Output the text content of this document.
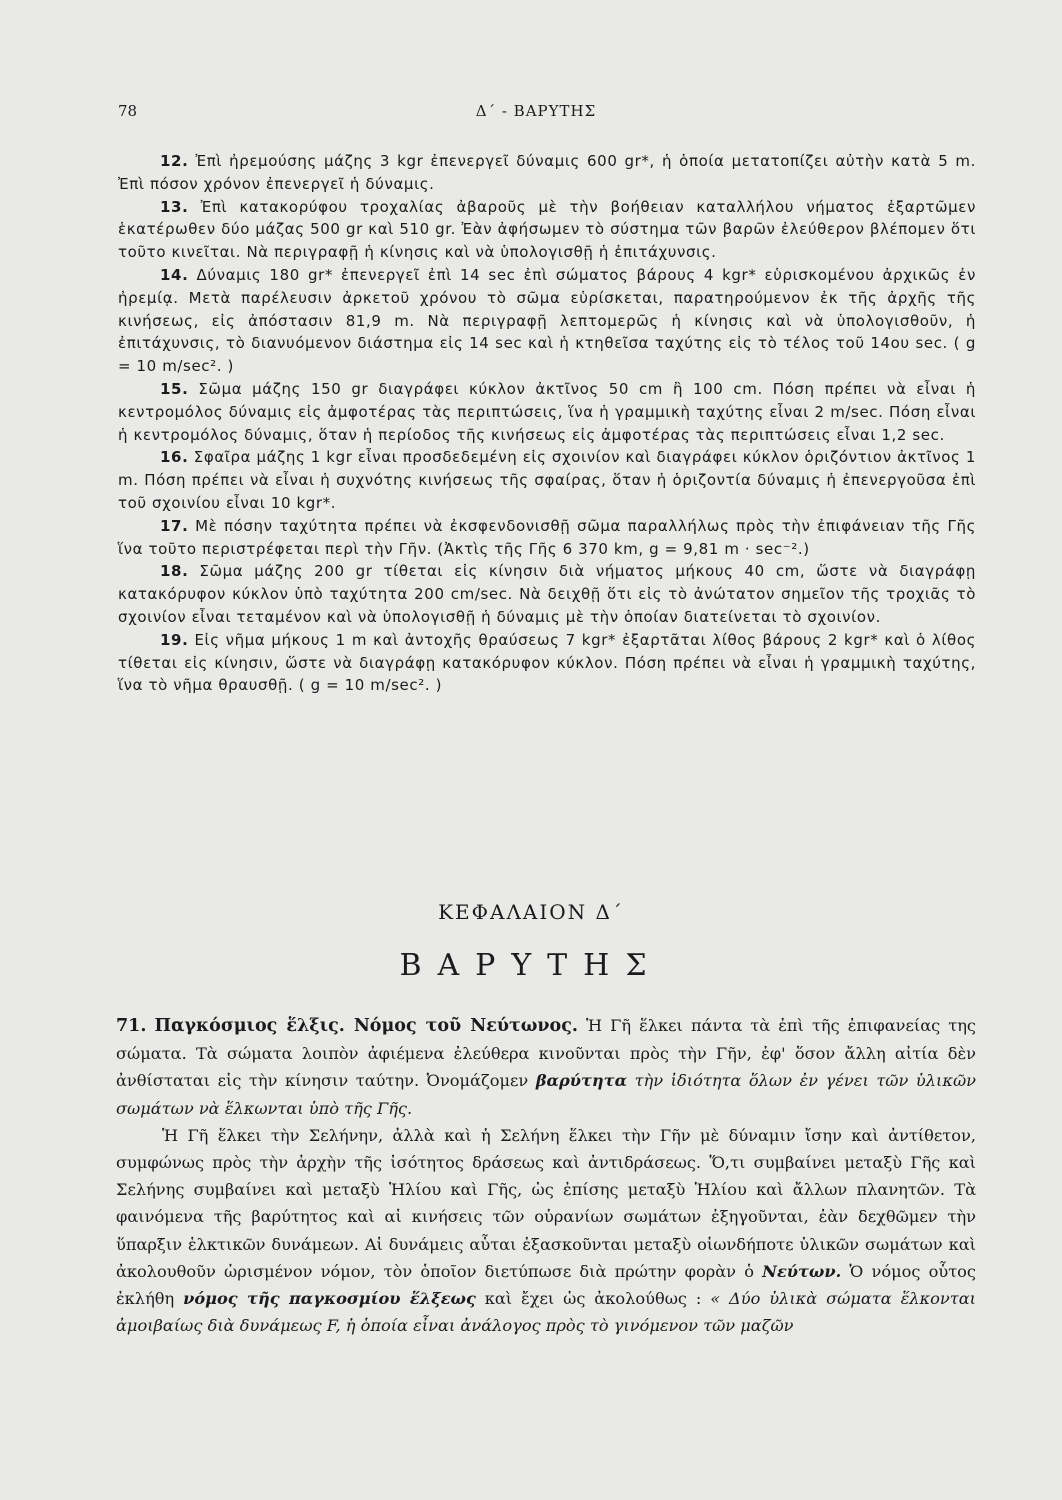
78	Δ΄ - ΒΑΡΥΤΗΣ

12. Ἐπὶ ἠρεμούσης μάζης 3 kgr ἐπενεργεῖ δύναμις 600 gr*, ἡ ὁποία μετατοπίζει αὐτὴν κατὰ 5 m. Ἐπὶ πόσον χρόνον ἐπενεργεῖ ἡ δύναμις.

13. Ἐπὶ κατακορύφου τροχαλίας ἀβαροῦς μὲ τὴν βοήθειαν καταλλήλου νήματος ἐξαρτῶμεν ἑκατέρωθεν δύο μάζας 500 gr καὶ 510 gr. Ἐὰν ἀφήσωμεν τὸ σύστημα τῶν βαρῶν ἐλεύθερον βλέπομεν ὅτι τοῦτο κινεῖται. Νὰ περιγραφῇ ἡ κίνησις καὶ νὰ ὑπολογισθῇ ἡ ἐπιτάχυνσις.

14. Δύναμις 180 gr* ἐπενεργεῖ ἐπὶ 14 sec ἐπὶ σώματος βάρους 4 kgr* εὑρισκομένου ἀρχικῶς ἐν ἠρεμίᾳ. Μετὰ παρέλευσιν ἀρκετοῦ χρόνου τὸ σῶμα εὑρίσκεται, παρατηρούμενον ἐκ τῆς ἀρχῆς τῆς κινήσεως, εἰς ἀπόστασιν 81,9 m. Νὰ περιγραφῇ λεπτομερῶς ἡ κίνησις καὶ νὰ ὑπολογισθοῦν, ἡ ἐπιτάχυνσις, τὸ διανυόμενον διάστημα εἰς 14 sec καὶ ἡ κτηθεῖσα ταχύτης εἰς τὸ τέλος τοῦ 14ου sec. ( g = 10 m/sec². )

15. Σῶμα μάζης 150 gr διαγράφει κύκλον ἀκτῖνος 50 cm ἢ 100 cm. Πόση πρέπει νὰ εἶναι ἡ κεντρομόλος δύναμις εἰς ἀμφοτέρας τὰς περιπτώσεις, ἵνα ἡ γραμμικὴ ταχύτης εἶναι 2 m/sec. Πόση εἶναι ἡ κεντρομόλος δύναμις, ὅταν ἡ περίοδος τῆς κινήσεως εἰς ἀμφοτέρας τὰς περιπτώσεις εἶναι 1,2 sec.

16. Σφαῖρα μάζης 1 kgr εἶναι προσδεδεμένη εἰς σχοινίον καὶ διαγράφει κύκλον ὁριζόντιον ἀκτῖνος 1 m. Πόση πρέπει νὰ εἶναι ἡ συχνότης κινήσεως τῆς σφαίρας, ὅταν ἡ ὁριζοντία δύναμις ἡ ἐπενεργοῦσα ἐπὶ τοῦ σχοινίου εἶναι 10 kgr*.

17. Μὲ πόσην ταχύτητα πρέπει νὰ ἐκσφενδονισθῇ σῶμα παραλλήλως πρὸς τὴν ἐπιφάνειαν τῆς Γῆς ἵνα τοῦτο περιστρέφεται περὶ τὴν Γῆν. (Ἀκτὶς τῆς Γῆς 6 370 km, g = 9,81 m · sec⁻².)

18. Σῶμα μάζης 200 gr τίθεται εἰς κίνησιν διὰ νήματος μήκους 40 cm, ὥστε νὰ διαγράφῃ κατακόρυφον κύκλον ὑπὸ ταχύτητα 200 cm/sec. Νὰ δειχθῇ ὅτι εἰς τὸ ἀνώτατον σημεῖον τῆς τροχιᾶς τὸ σχοινίον εἶναι τεταμένον καὶ νὰ ὑπολογισθῇ ἡ δύναμις μὲ τὴν ὁποίαν διατείνεται τὸ σχοινίον.

19. Εἰς νῆμα μήκους 1 m καὶ ἀντοχῆς θραύσεως 7 kgr* ἐξαρτᾶται λίθος βάρους 2 kgr* καὶ ὁ λίθος τίθεται εἰς κίνησιν, ὥστε νὰ διαγράφῃ κατακόρυφον κύκλον. Πόση πρέπει νὰ εἶναι ἡ γραμμικὴ ταχύτης, ἵνα τὸ νῆμα θραυσθῇ. ( g = 10 m/sec². )

ΚΕΦΑΛΑΙΟΝ Δ΄
ΒΑΡΥΤΗΣ

71. Παγκόσμιος ἕλξις. Νόμος τοῦ Νεύτωνος. Ἡ Γῆ ἕλκει πάντα τὰ ἐπὶ τῆς ἐπιφανείας της σώματα. Τὰ σώματα λοιπὸν ἀφιέμενα ἐλεύθερα κινοῦνται πρὸς τὴν Γῆν, ἐφ' ὅσον ἄλλη αἰτία δὲν ἀνθίσταται εἰς τὴν κίνησιν ταύτην. Ὀνομάζομεν βαρύτητα τὴν ἰδιότητα ὅλων ἐν γένει τῶν ὑλικῶν σωμάτων νὰ ἕλκωνται ὑπὸ τῆς Γῆς.

Ἡ Γῆ ἕλκει τὴν Σελήνην, ἀλλὰ καὶ ἡ Σελήνη ἕλκει τὴν Γῆν μὲ δύναμιν ἴσην καὶ ἀντίθετον, συμφώνως πρὸς τὴν ἀρχὴν τῆς ἰσότητος δράσεως καὶ ἀντιδράσεως. Ὅ,τι συμβαίνει μεταξὺ Γῆς καὶ Σελήνης συμβαίνει καὶ μεταξὺ Ἡλίου καὶ Γῆς, ὡς ἐπίσης μεταξὺ Ἡλίου καὶ ἄλλων πλανητῶν. Τὰ φαινόμενα τῆς βαρύτητος καὶ αἱ κινήσεις τῶν οὐρανίων σωμάτων ἐξηγοῦνται, ἐὰν δεχθῶμεν τὴν ὕπαρξιν ἑλκτικῶν δυνάμεων. Αἱ δυνάμεις αὗται ἐξασκοῦνται μεταξὺ οἱωνδήποτε ὑλικῶν σωμάτων καὶ ἀκολουθοῦν ὡρισμένον νόμον, τὸν ὁποῖον διετύπωσε διὰ πρώτην φορὰν ὁ Νεύτων. Ὁ νόμος οὗτος ἐκλήθη νόμος τῆς παγκοσμίου ἕλξεως καὶ ἔχει ὡς ἀκολούθως : « Δύο ὑλικὰ σώματα ἕλκονται ἀμοιβαίως διὰ δυνάμεως F, ἡ ὁποία εἶναι ἀνάλογος πρὸς τὸ γινόμενον τῶν μαζῶν
